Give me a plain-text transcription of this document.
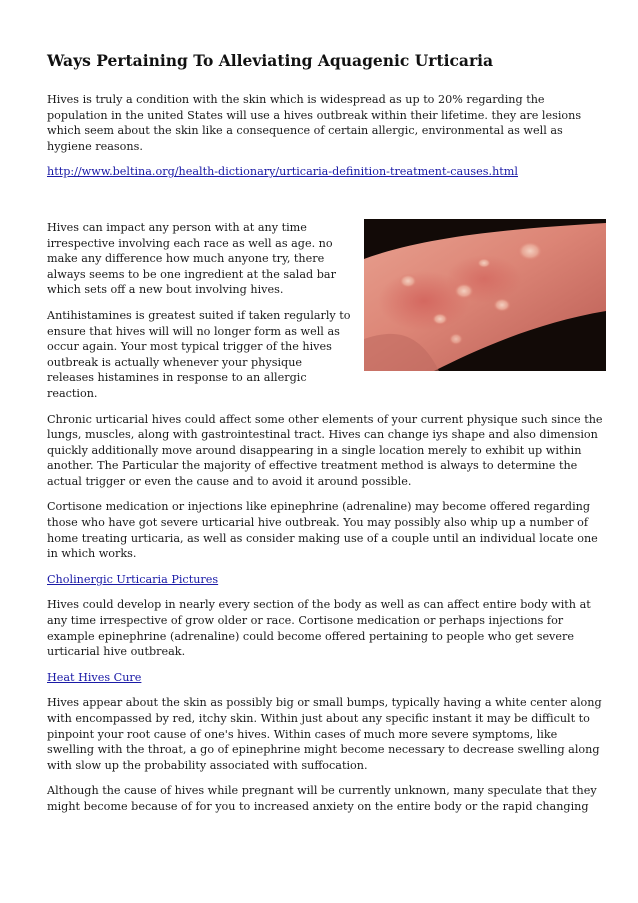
Ways Pertaining To Alleviating Aquagenic Urticaria

Hives is truly a condition with the skin which is widespread as up to 20% regarding the population in the united States will use a hives outbreak within their lifetime. they are lesions which seem about the skin like a consequence of certain allergic, environmental as well as hygiene reasons.

http://www.beltina.org/health-dictionary/urticaria-definition-treatment-causes.html

Hives can impact any person with at any time irrespective involving each race as well as age. no make any difference how much anyone try, there always seems to be one ingredient at the salad bar which sets off a new bout involving hives.

Antihistamines is greatest suited if taken regularly to ensure that hives will will no longer form as well as occur again. Your most typical trigger of the hives outbreak is actually whenever your physique releases histamines in response to an allergic reaction.

Chronic urticarial hives could affect some other elements of your current physique such since the lungs, muscles, along with gastrointestinal tract. Hives can change iys shape and also dimension quickly additionally move around disappearing in a single location merely to exhibit up within another. The Particular the majority of effective treatment method is always to determine the actual trigger or even the cause and to avoid it around possible.

Cortisone medication or injections like epinephrine (adrenaline) may become offered regarding those who have got severe urticarial hive outbreak. You may possibly also whip up a number of home treating urticaria, as well as consider making use of a couple until an individual locate one in which works.

Cholinergic Urticaria Pictures

Hives could develop in nearly every section of the body as well as can affect entire body with at any time irrespective of grow older or race. Cortisone medication or perhaps injections for example epinephrine (adrenaline) could become offered pertaining to people who get severe urticarial hive outbreak.

Heat Hives Cure

Hives appear about the skin as possibly big or small bumps, typically having a white center along with encompassed by red, itchy skin. Within just about any specific instant it may be difficult to pinpoint your root cause of one's hives. Within cases of much more severe symptoms, like swelling with the throat, a go of epinephrine might become necessary to decrease swelling along with slow up the probability associated with suffocation.

Although the cause of hives while pregnant will be currently unknown, many speculate that they might become because of for you to increased anxiety on the entire body or the rapid changing
